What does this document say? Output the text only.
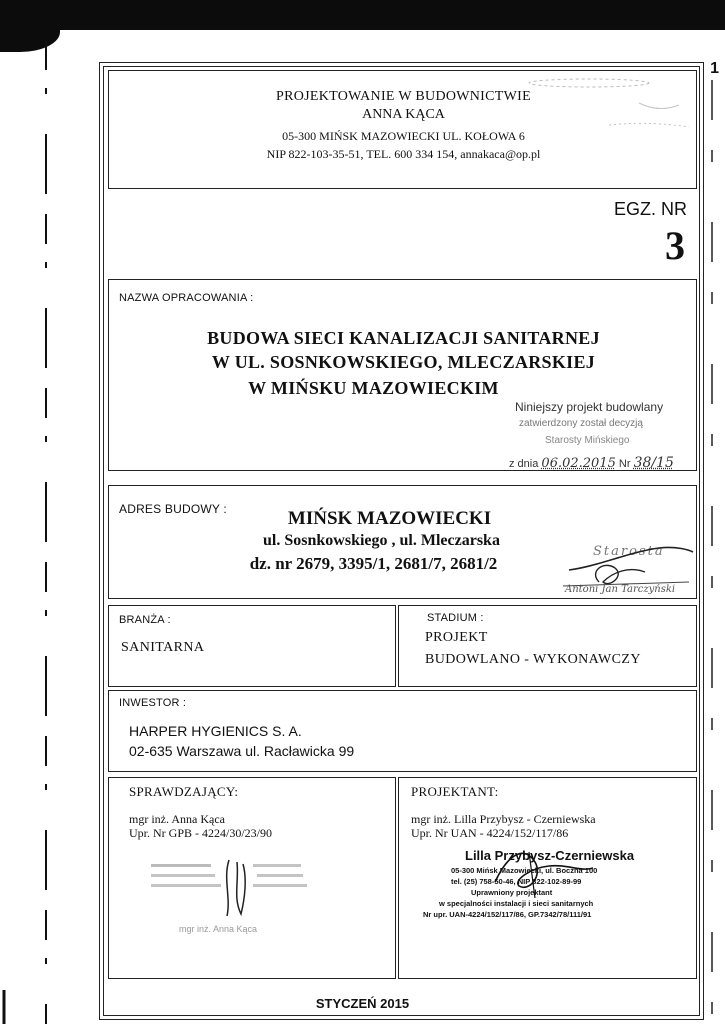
1
PROJEKTOWANIE W BUDOWNICTWIE
ANNA KĄCA
05-300 MIŃSK MAZOWIECKI UL. KOŁOWA 6
NIP 822-103-35-51, TEL. 600 334 154, annakaca@op.pl
EGZ. NR
3
NAZWA OPRACOWANIA :
BUDOWA SIECI KANALIZACJI SANITARNEJ
W UL. SOSNKOWSKIEGO, MLECZARSKIEJ
W MIŃSKU MAZOWIECKIM
Niniejszy projekt budowlany
zatwierdzony został decyzją
Starosty Mińskiego
z dnia 06.02.2015 Nr 38/15
ADRES BUDOWY :	MIŃSK MAZOWIECKI
ul. Sosnkowskiego , ul. Mleczarska
dz. nr 2679, 3395/1, 2681/7, 2681/2
Starosta
Antoni Jan Tarczyński
BRANŻA :
SANITARNA
STADIUM :
PROJEKT
BUDOWLANO - WYKONAWCZY
INWESTOR :
HARPER HYGIENICS S. A.
02-635 Warszawa ul. Racławicka 99
SPRAWDZAJĄCY:
mgr inż. Anna Kąca
Upr. Nr GPB - 4224/30/23/90
mgr inż. Anna Kąca
PROJEKTANT:
mgr inż. Lilla Przybysz - Czerniewska
Upr. Nr UAN - 4224/152/117/86
Lilla Przybysz-Czerniewska
05-300 Mińsk Mazowiecki, ul. Boczna 100
tel. (25) 758-50-46, NIP 822-102-89-99
Uprawniony projektant
w specjalności instalacji i sieci sanitarnych
Nr upr. UAN-4224/152/117/86, GP.7342/78/111/91
STYCZEŃ 2015
